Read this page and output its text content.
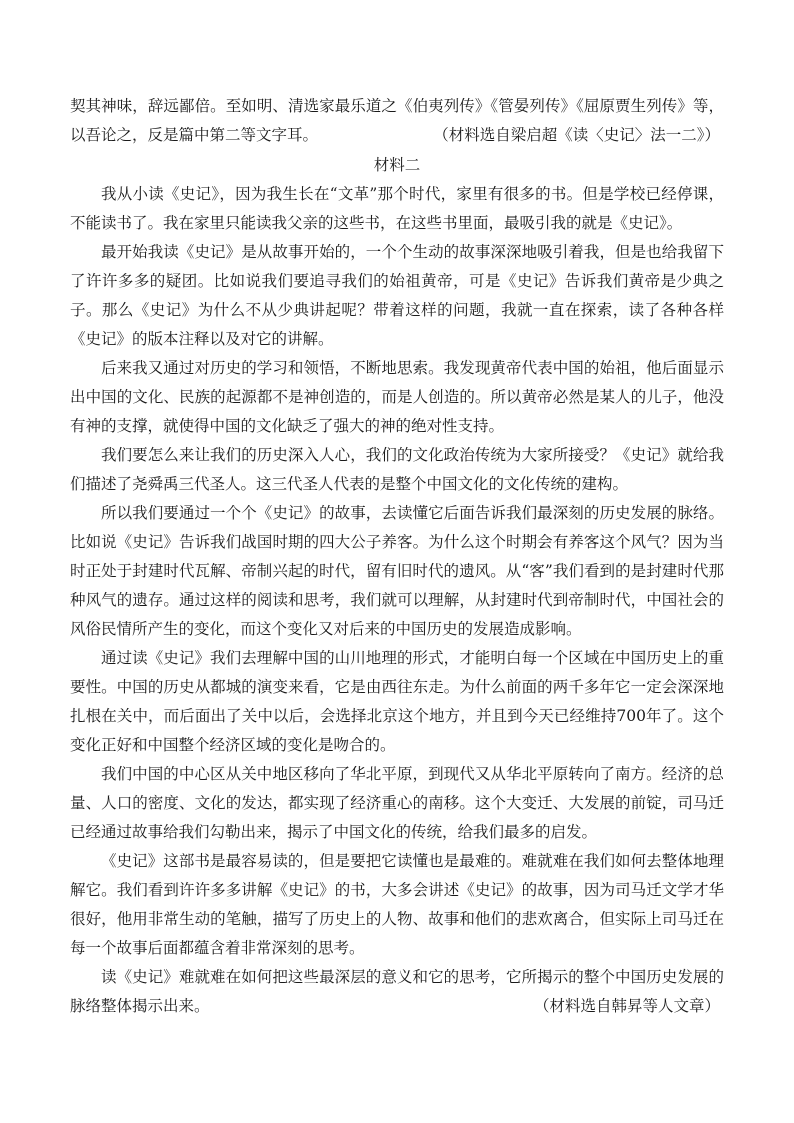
契其神味，辞远鄙倍。至如明、清选家最乐道之《伯夷列传》《管晏列传》《屈原贾生列传》等，以吾论之，反是篇中第二等文字耳。	（材料选自梁启超《读〈史记〉法一二》）

材料二

我从小读《史记》，因为我生长在“文革”那个时代，家里有很多的书。但是学校已经停课，不能读书了。我在家里只能读我父亲的这些书，在这些书里面，最吸引我的就是《史记》。

最开始我读《史记》是从故事开始的，一个个生动的故事深深地吸引着我，但是也给我留下了许许多多的疑团。比如说我们要追寻我们的始祖黄帝，可是《史记》告诉我们黄帝是少典之子。那么《史记》为什么不从少典讲起呢？带着这样的问题，我就一直在探索，读了各种各样《史记》的版本注释以及对它的讲解。

后来我又通过对历史的学习和领悟，不断地思索。我发现黄帝代表中国的始祖，他后面显示出中国的文化、民族的起源都不是神创造的，而是人创造的。所以黄帝必然是某人的儿子，他没有神的支撑，就使得中国的文化缺乏了强大的神的绝对性支持。

我们要怎么来让我们的历史深入人心，我们的文化政治传统为大家所接受？《史记》就给我们描述了尧舜禹三代圣人。这三代圣人代表的是整个中国文化的文化传统的建构。

所以我们要通过一个个《史记》的故事，去读懂它后面告诉我们最深刻的历史发展的脉络。比如说《史记》告诉我们战国时期的四大公子养客。为什么这个时期会有养客这个风气？因为当时正处于封建时代瓦解、帝制兴起的时代，留有旧时代的遗风。从“客”我们看到的是封建时代那种风气的遗存。通过这样的阅读和思考，我们就可以理解，从封建时代到帝制时代，中国社会的风俗民情所产生的变化，而这个变化又对后来的中国历史的发展造成影响。

通过读《史记》我们去理解中国的山川地理的形式，才能明白每一个区域在中国历史上的重要性。中国的历史从都城的演变来看，它是由西往东走。为什么前面的两千多年它一定会深深地扎根在关中，而后面出了关中以后，会选择北京这个地方，并且到今天已经维持700年了。这个变化正好和中国整个经济区域的变化是吻合的。

我们中国的中心区从关中地区移向了华北平原，到现代又从华北平原转向了南方。经济的总量、人口的密度、文化的发达，都实现了经济重心的南移。这个大变迁、大发展的前锭，司马迁已经通过故事给我们勾勒出来，揭示了中国文化的传统，给我们最多的启发。

《史记》这部书是最容易读的，但是要把它读懂也是最难的。难就难在我们如何去整体地理解它。我们看到许许多多讲解《史记》的书，大多会讲述《史记》的故事，因为司马迁文学才华很好，他用非常生动的笔触，描写了历史上的人物、故事和他们的悲欢离合，但实际上司马迁在每一个故事后面都蕴含着非常深刻的思考。

读《史记》难就难在如何把这些最深层的意义和它的思考，它所揭示的整个中国历史发展的脉络整体揭示出来。	（材料选自韩昇等人文章）
